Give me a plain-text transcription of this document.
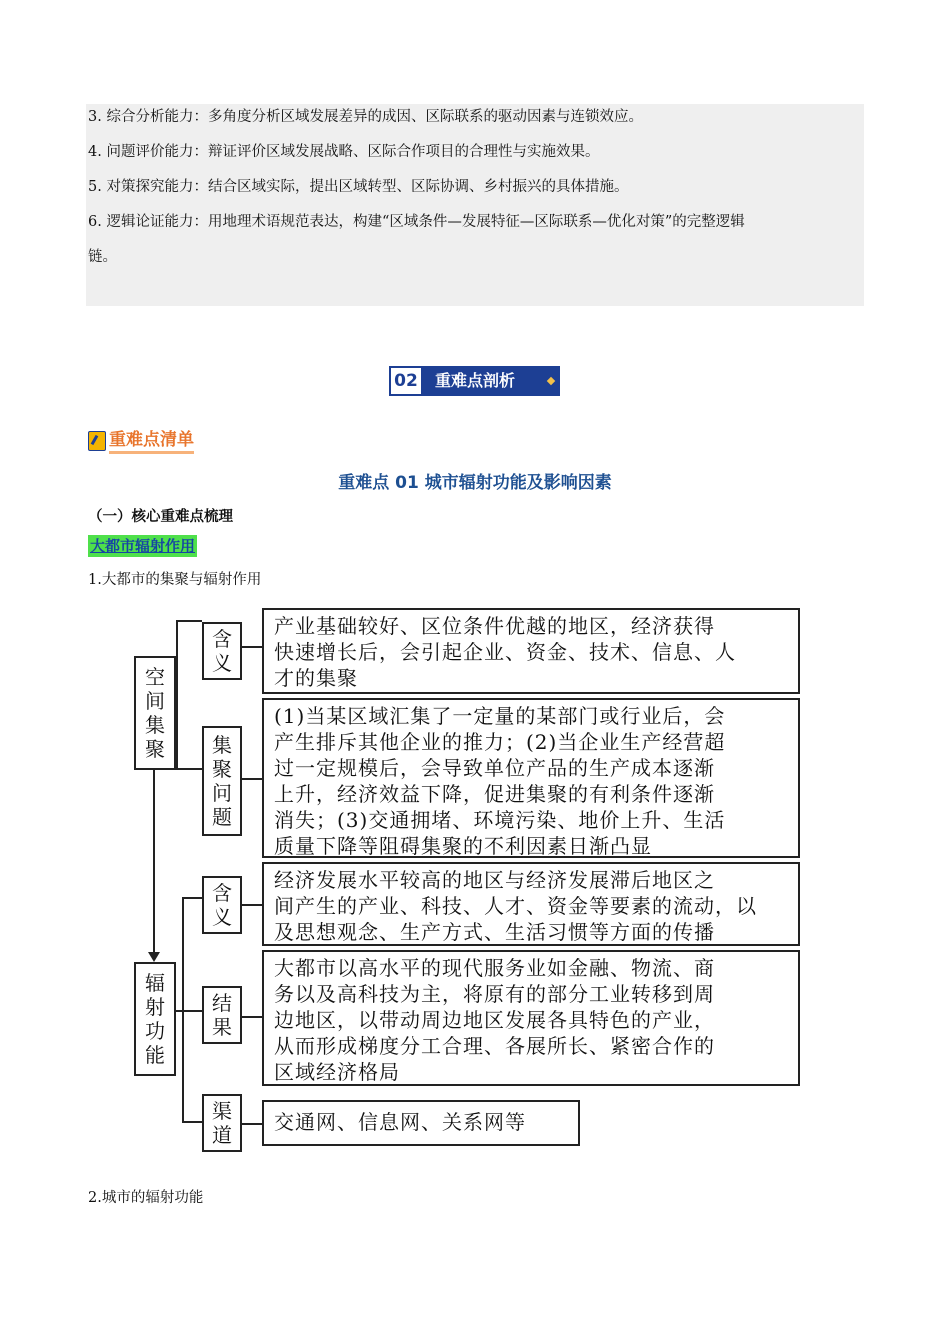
3. 综合分析能力：多角度分析区域发展差异的成因、区际联系的驱动因素与连锁效应。

4. 问题评价能力：辩证评价区域发展战略、区际合作项目的合理性与实施效果。

5. 对策探究能力：结合区域实际，提出区域转型、区际协调、乡村振兴的具体措施。

6. 逻辑论证能力：用地理术语规范表达，构建“区域条件—发展特征—区际联系—优化对策”的完整逻辑

链。

02	重难点剖析
重难点清单
重难点 01 城市辐射功能及影响因素
（一）核心重难点梳理
大都市辐射作用
1.大都市的集聚与辐射作用
空
间
集
聚
辐
射
功
能
含
义
集
聚
问
题
产业基础较好、区位条件优越的地区，经济获得
快速增长后，会引起企业、资金、技术、信息、人
才的集聚
(1)当某区域汇集了一定量的某部门或行业后，会
产生排斥其他企业的推力；(2)当企业生产经营超
过一定规模后，会导致单位产品的生产成本逐渐
上升，经济效益下降，促进集聚的有利条件逐渐
消失；(3)交通拥堵、环境污染、地价上升、生活
质量下降等阻碍集聚的不利因素日渐凸显
含
义
结
果
渠
道
经济发展水平较高的地区与经济发展滞后地区之
间产生的产业、科技、人才、资金等要素的流动，以
及思想观念、生产方式、生活习惯等方面的传播
大都市以高水平的现代服务业如金融、物流、商
务以及高科技为主，将原有的部分工业转移到周
边地区，以带动周边地区发展各具特色的产业，
从而形成梯度分工合理、各展所长、紧密合作的
区域经济格局
交通网、信息网、关系网等
2.城市的辐射功能
